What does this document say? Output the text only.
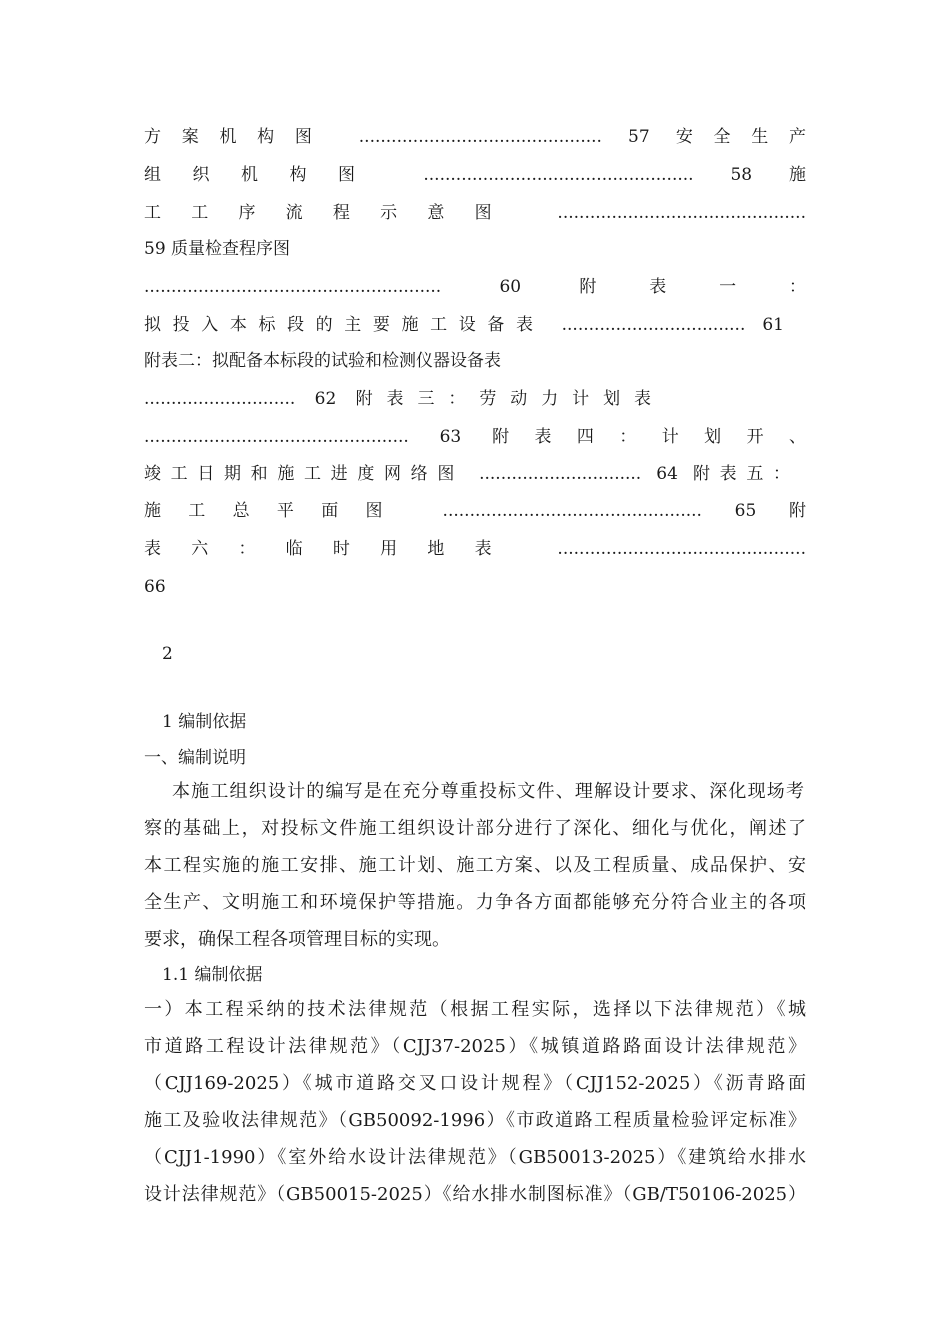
方案机构图 ............................................. 57 安全生产
组织机构图 .................................................. 58 施
工工序流程示意图 ..............................................
59 质量检查程序图
....................................................... 60 附表一：
拟投入本标段的主要施工设备表 .................................. 61
附表二：拟配备本标段的试验和检测仪器设备表
............................ 62 附表三：劳动力计划表
................................................. 63 附表四：计划开、
竣工日期和施工进度网络图 .............................. 64 附表五：
施工总平面图 ................................................ 65 附
表六：临时用地表 ..............................................
66
2
1 编制依据
一、编制说明
本施工组织设计的编写是在充分尊重投标文件、理解设计要求、深化现场考
察的基础上，对投标文件施工组织设计部分进行了深化、细化与优化，阐述了
本工程实施的施工安排、施工计划、施工方案、以及工程质量、成品保护、安
全生产、文明施工和环境保护等措施。力争各方面都能够充分符合业主的各项
要求，确保工程各项管理目标的实现。
1.1 编制依据
一）本工程采纳的技术法律规范（根据工程实际，选择以下法律规范）《城
市道路工程设计法律规范》（CJJ37-2025）《城镇道路路面设计法律规范》
（CJJ169-2025）《城市道路交叉口设计规程》（CJJ152-2025）《沥青路面
施工及验收法律规范》（GB50092-1996）《市政道路工程质量检验评定标准》
（CJJ1-1990）《室外给水设计法律规范》（GB50013-2025）《建筑给水排水
设计法律规范》（GB50015-2025）《给水排水制图标准》（GB/T50106-2025）
